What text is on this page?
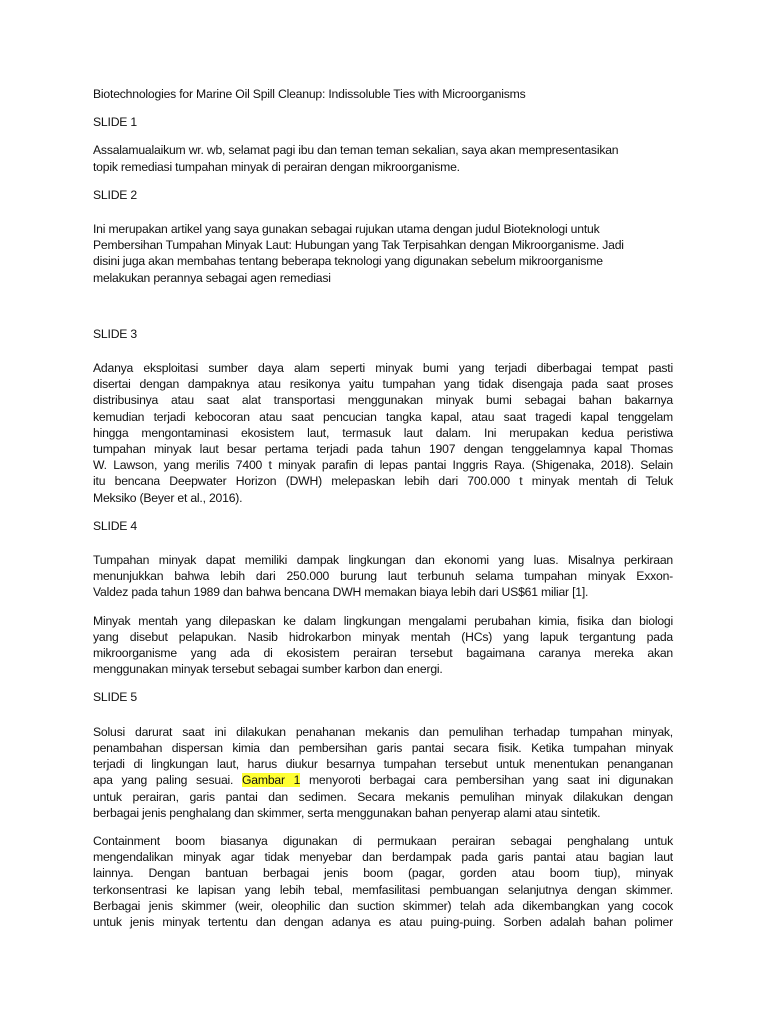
Biotechnologies for Marine Oil Spill Cleanup: Indissoluble Ties with Microorganisms
SLIDE 1
Assalamualaikum wr. wb, selamat pagi ibu dan teman teman sekalian, saya akan mempresentasikan
topik remediasi tumpahan minyak di perairan dengan mikroorganisme.
SLIDE 2
Ini merupakan artikel yang saya gunakan sebagai rujukan utama dengan judul Bioteknologi untuk
Pembersihan Tumpahan Minyak Laut: Hubungan yang Tak Terpisahkan dengan Mikroorganisme. Jadi
disini juga akan membahas tentang beberapa teknologi yang digunakan sebelum mikroorganisme
melakukan perannya sebagai agen remediasi
SLIDE 3
Adanya eksploitasi sumber daya alam seperti minyak bumi yang terjadi diberbagai tempat pasti
disertai dengan dampaknya atau resikonya yaitu tumpahan yang tidak disengaja pada saat proses
distribusinya atau saat alat transportasi menggunakan minyak bumi sebagai bahan bakarnya
kemudian terjadi kebocoran atau saat pencucian tangka kapal, atau saat tragedi kapal tenggelam
hingga mengontaminasi ekosistem laut, termasuk laut dalam. Ini merupakan kedua peristiwa
tumpahan minyak laut besar pertama terjadi pada tahun 1907 dengan tenggelamnya kapal Thomas
W. Lawson, yang merilis 7400 t minyak parafin di lepas pantai Inggris Raya. (Shigenaka, 2018). Selain
itu bencana Deepwater Horizon (DWH) melepaskan lebih dari 700.000 t minyak mentah di Teluk
Meksiko (Beyer et al., 2016).
SLIDE 4
Tumpahan minyak dapat memiliki dampak lingkungan dan ekonomi yang luas. Misalnya perkiraan
menunjukkan bahwa lebih dari 250.000 burung laut terbunuh selama tumpahan minyak Exxon-
Valdez pada tahun 1989 dan bahwa bencana DWH memakan biaya lebih dari US$61 miliar [1].
Minyak mentah yang dilepaskan ke dalam lingkungan mengalami perubahan kimia, fisika dan biologi
yang disebut pelapukan. Nasib hidrokarbon minyak mentah (HCs) yang lapuk tergantung pada
mikroorganisme yang ada di ekosistem perairan tersebut bagaimana caranya mereka akan
menggunakan minyak tersebut sebagai sumber karbon dan energi.
SLIDE 5
Solusi darurat saat ini dilakukan penahanan mekanis dan pemulihan terhadap tumpahan minyak,
penambahan dispersan kimia dan pembersihan garis pantai secara fisik. Ketika tumpahan minyak
terjadi di lingkungan laut, harus diukur besarnya tumpahan tersebut untuk menentukan penanganan
apa yang paling sesuai. Gambar 1 menyoroti berbagai cara pembersihan yang saat ini digunakan
untuk perairan, garis pantai dan sedimen. Secara mekanis pemulihan minyak dilakukan dengan
berbagai jenis penghalang dan skimmer, serta menggunakan bahan penyerap alami atau sintetik.
Containment boom biasanya digunakan di permukaan perairan sebagai penghalang untuk
mengendalikan minyak agar tidak menyebar dan berdampak pada garis pantai atau bagian laut
lainnya. Dengan bantuan berbagai jenis boom (pagar, gorden atau boom tiup), minyak
terkonsentrasi ke lapisan yang lebih tebal, memfasilitasi pembuangan selanjutnya dengan skimmer.
Berbagai jenis skimmer (weir, oleophilic dan suction skimmer) telah ada dikembangkan yang cocok
untuk jenis minyak tertentu dan dengan adanya es atau puing-puing. Sorben adalah bahan polimer
